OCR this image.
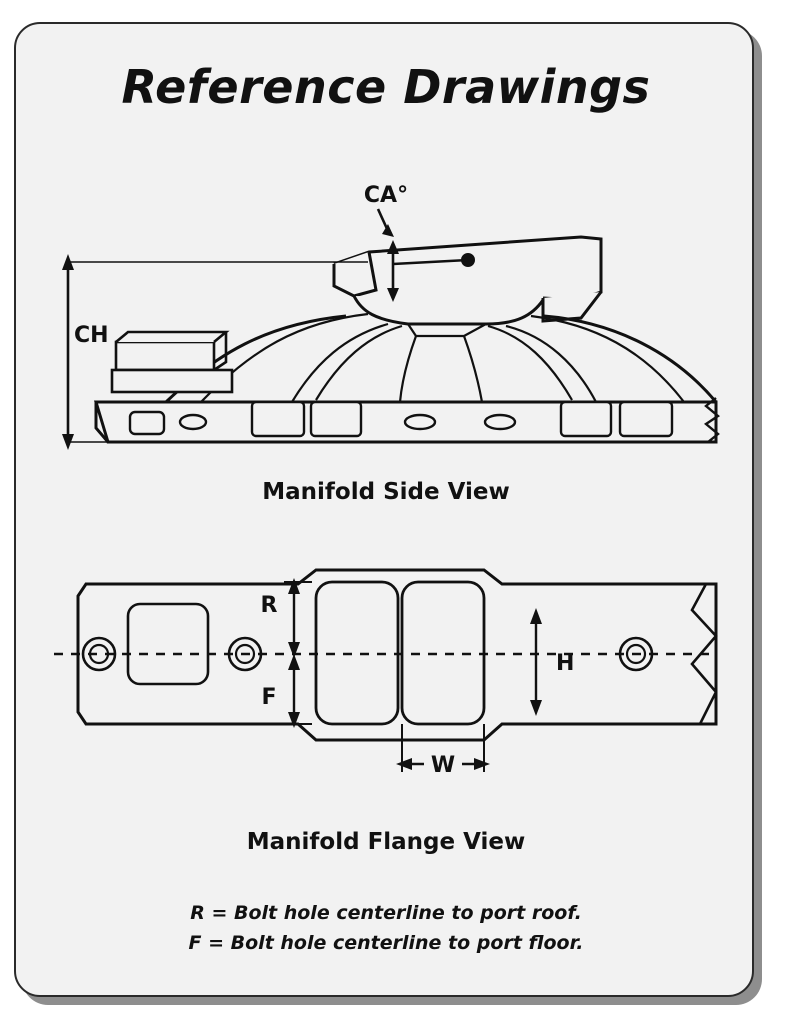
Reference Drawings
CA°
CH
R
F
H
W
Manifold Side View
Manifold Flange View
R = Bolt hole centerline to port roof.
F = Bolt hole centerline to port floor.
